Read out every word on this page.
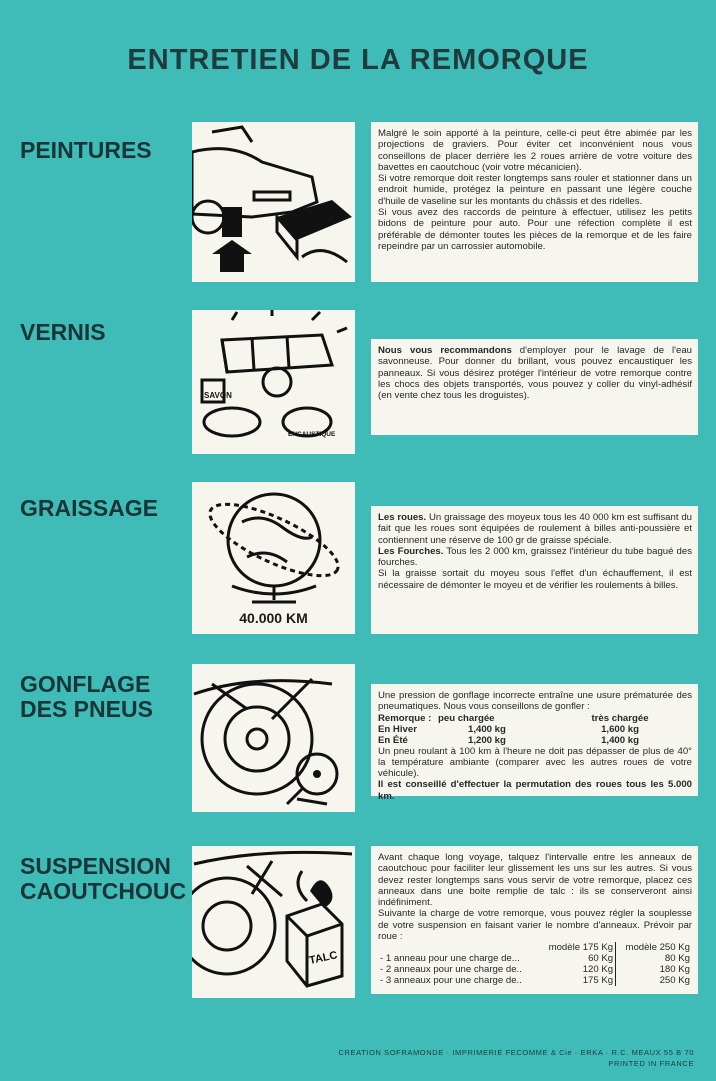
ENTRETIEN DE LA REMORQUE
PEINTURES

Malgré le soin apporté à la peinture, celle-ci peut être abimée par les projections de graviers. Pour éviter cet inconvénient nous vous conseillons de placer derrière les 2 roues arrière de votre voiture des bavettes en caoutchouc (voir votre mécanicien).

Si votre remorque doit rester longtemps sans rouler et stationner dans un endroit humide, protégez la peinture en passant une légère couche d'huile de vaseline sur les montants du châssis et des ridelles.

Si vous avez des raccords de peinture à effectuer, utilisez les petits bidons de peinture pour auto. Pour une réfection complète il est préférable de démonter toutes les pièces de la remorque et de les faire repeindre par un carrossier automobile.

VERNIS
SAVON
ENCAUSTIQUE

Nous vous recommandons d'employer pour le lavage de l'eau savonneuse. Pour donner du brillant, vous pouvez encaustiquer les panneaux. Si vous désirez protéger l'intérieur de votre remorque contre les chocs des objets transportés, vous pouvez y coller du vinyl-adhésif (en vente chez tous les droguistes).

GRAISSAGE
40.000 KM

Les roues. Un graissage des moyeux tous les 40 000 km est suffisant du fait que les roues sont équipées de roulement à billes anti-poussière et contiennent une réserve de 100 gr de graisse spéciale.

Les Fourches. Tous les 2 000 km, graissez l'intérieur du tube bagué des fourches.

Si la graisse sortait du moyeu sous l'effet d'un échauffement, il est nécessaire de démonter le moyeu et de vérifier les roulements à billes.

GONFLAGE
DES PNEUS

Une pression de gonflage incorrecte entraîne une usure prématurée des pneumatiques. Nous vous conseillons de gonfler :

Remorque :	peu chargée	très chargée
En Hiver	1,400 kg	1,600 kg
En Été	1,200 kg	1,400 kg

Un pneu roulant à 100 km à l'heure ne doit pas dépasser de plus de 40° la température ambiante (comparer avec les autres roues de votre véhicule).

Il est conseillé d'effectuer la permutation des roues tous les 5.000 km.

SUSPENSION
CAOUTCHOUC
TALC

Avant chaque long voyage, talquez l'intervalle entre les anneaux de caoutchouc pour faciliter leur glissement les uns sur les autres. Si vous devez rester longtemps sans vous servir de votre remorque, placez ces anneaux dans une boite remplie de talc : ils se conserveront ainsi indéfiniment.

Suivante la charge de votre remorque, vous pouvez régler la souplesse de votre suspension en faisant varier le nombre d'anneaux. Prévoir par roue :

	modèle 175 Kg	modèle 250 Kg
- 1 anneau pour une charge de...	60 Kg	80 Kg
- 2 anneaux pour une charge de..	120 Kg	180 Kg
- 3 anneaux pour une charge de..	175 Kg	250 Kg
CREATION SOFRAMONDE · IMPRIMERIE FECOMME & Cie · ERKA · R.C. MEAUX 55 B 70
PRINTED IN FRANCE
